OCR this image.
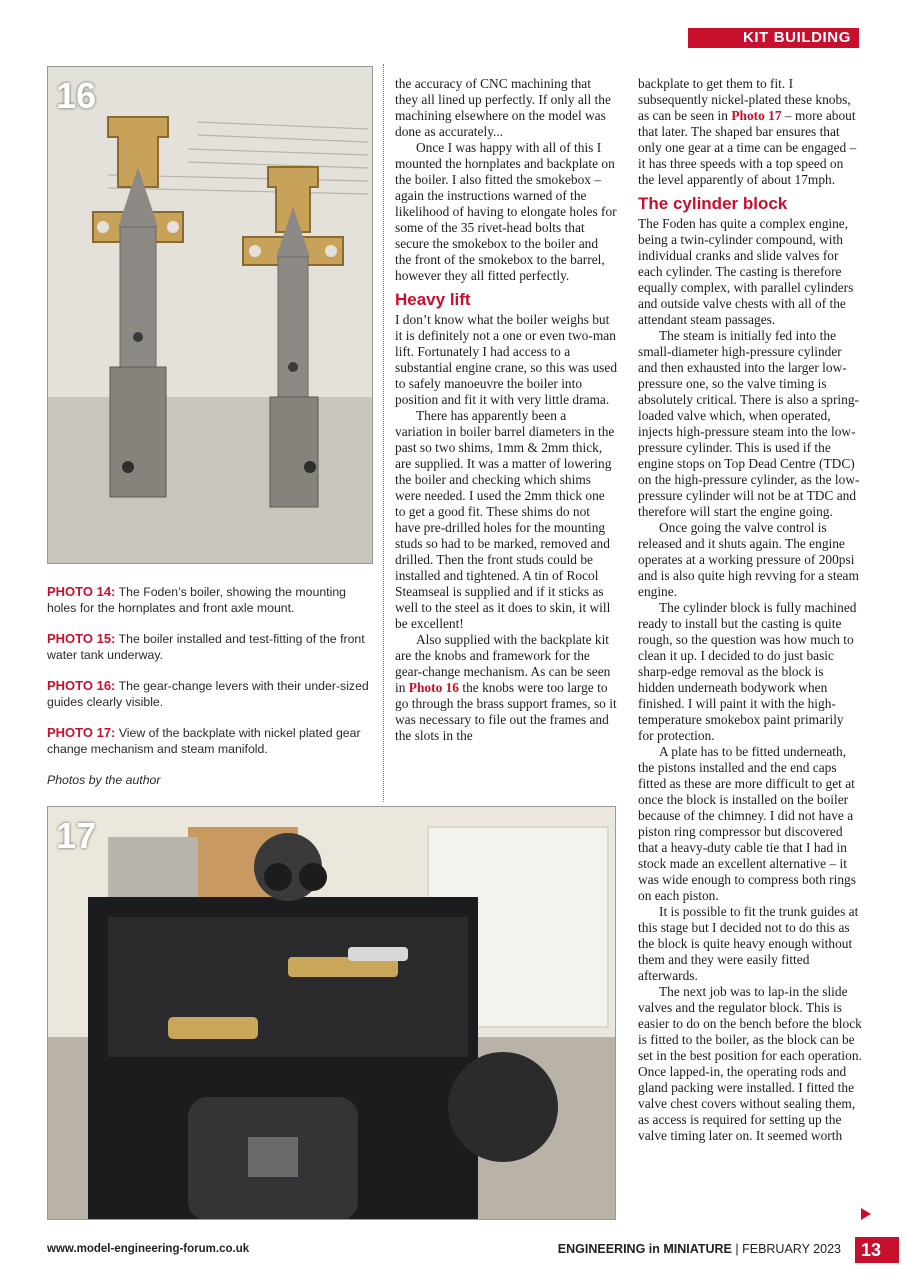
KIT BUILDING
16

PHOTO 14: The Foden’s boiler, showing the mounting holes for the hornplates and front axle mount.

PHOTO 15: The boiler installed and test-fitting of the front water tank underway.

PHOTO 16: The gear-change levers with their under-sized guides clearly visible.

PHOTO 17: View of the backplate with nickel plated gear change mechanism and steam manifold.

Photos by the author

the accuracy of CNC machining that they all lined up perfectly. If only all the machining elsewhere on the model was done as accurately...

Once I was happy with all of this I mounted the hornplates and backplate on the boiler. I also fitted the smokebox – again the instructions warned of the likelihood of having to elongate holes for some of the 35 rivet-head bolts that secure the smokebox to the boiler and the front of the smokebox to the barrel, however they all fitted perfectly.

Heavy lift

I don’t know what the boiler weighs but it is definitely not a one or even two-man lift. Fortunately I had access to a substantial engine crane, so this was used to safely manoeuvre the boiler into position and fit it with very little drama.

There has apparently been a variation in boiler barrel diameters in the past so two shims, 1mm & 2mm thick, are supplied. It was a matter of lowering the boiler and checking which shims were needed. I used the 2mm thick one to get a good fit. These shims do not have pre-drilled holes for the mounting studs so had to be marked, removed and drilled. Then the front studs could be installed and tightened. A tin of Rocol Steamseal is supplied and if it sticks as well to the steel as it does to skin, it will be excellent!

Also supplied with the backplate kit are the knobs and framework for the gear-change mechanism. As can be seen in Photo 16 the knobs were too large to go through the brass support frames, so it was necessary to file out the frames and the slots in the

backplate to get them to fit. I subsequently nickel-plated these knobs, as can be seen in Photo 17 – more about that later. The shaped bar ensures that only one gear at a time can be engaged – it has three speeds with a top speed on the level apparently of about 17mph.

The cylinder block

The Foden has quite a complex engine, being a twin-cylinder compound, with individual cranks and slide valves for each cylinder. The casting is therefore equally complex, with parallel cylinders and outside valve chests with all of the attendant steam passages.

The steam is initially fed into the small-diameter high-pressure cylinder and then exhausted into the larger low-pressure one, so the valve timing is absolutely critical. There is also a spring-loaded valve which, when operated, injects high-pressure steam into the low-pressure cylinder. This is used if the engine stops on Top Dead Centre (TDC) on the high-pressure cylinder, as the low-pressure cylinder will not be at TDC and therefore will start the engine going.

Once going the valve control is released and it shuts again. The engine operates at a working pressure of 200psi and is also quite high revving for a steam engine.

The cylinder block is fully machined ready to install but the casting is quite rough, so the question was how much to clean it up. I decided to do just basic sharp-edge removal as the block is hidden underneath bodywork when finished. I will paint it with the high-temperature smokebox paint primarily for protection.

A plate has to be fitted underneath, the pistons installed and the end caps fitted as these are more difficult to get at once the block is installed on the boiler because of the chimney. I did not have a piston ring compressor but discovered that a heavy-duty cable tie that I had in stock made an excellent alternative – it was wide enough to compress both rings on each piston.

It is possible to fit the trunk guides at this stage but I decided not to do this as the block is quite heavy enough without them and they were easily fitted afterwards.

The next job was to lap-in the slide valves and the regulator block. This is easier to do on the bench before the block is fitted to the boiler, as the block can be set in the best position for each operation. Once lapped-in, the operating rods and gland packing were installed. I fitted the valve chest covers without sealing them, as access is required for setting up the valve timing later on. It seemed worth

17
www.model-engineering-forum.co.uk	ENGINEERING in MINIATURE | FEBRUARY 2023	13
